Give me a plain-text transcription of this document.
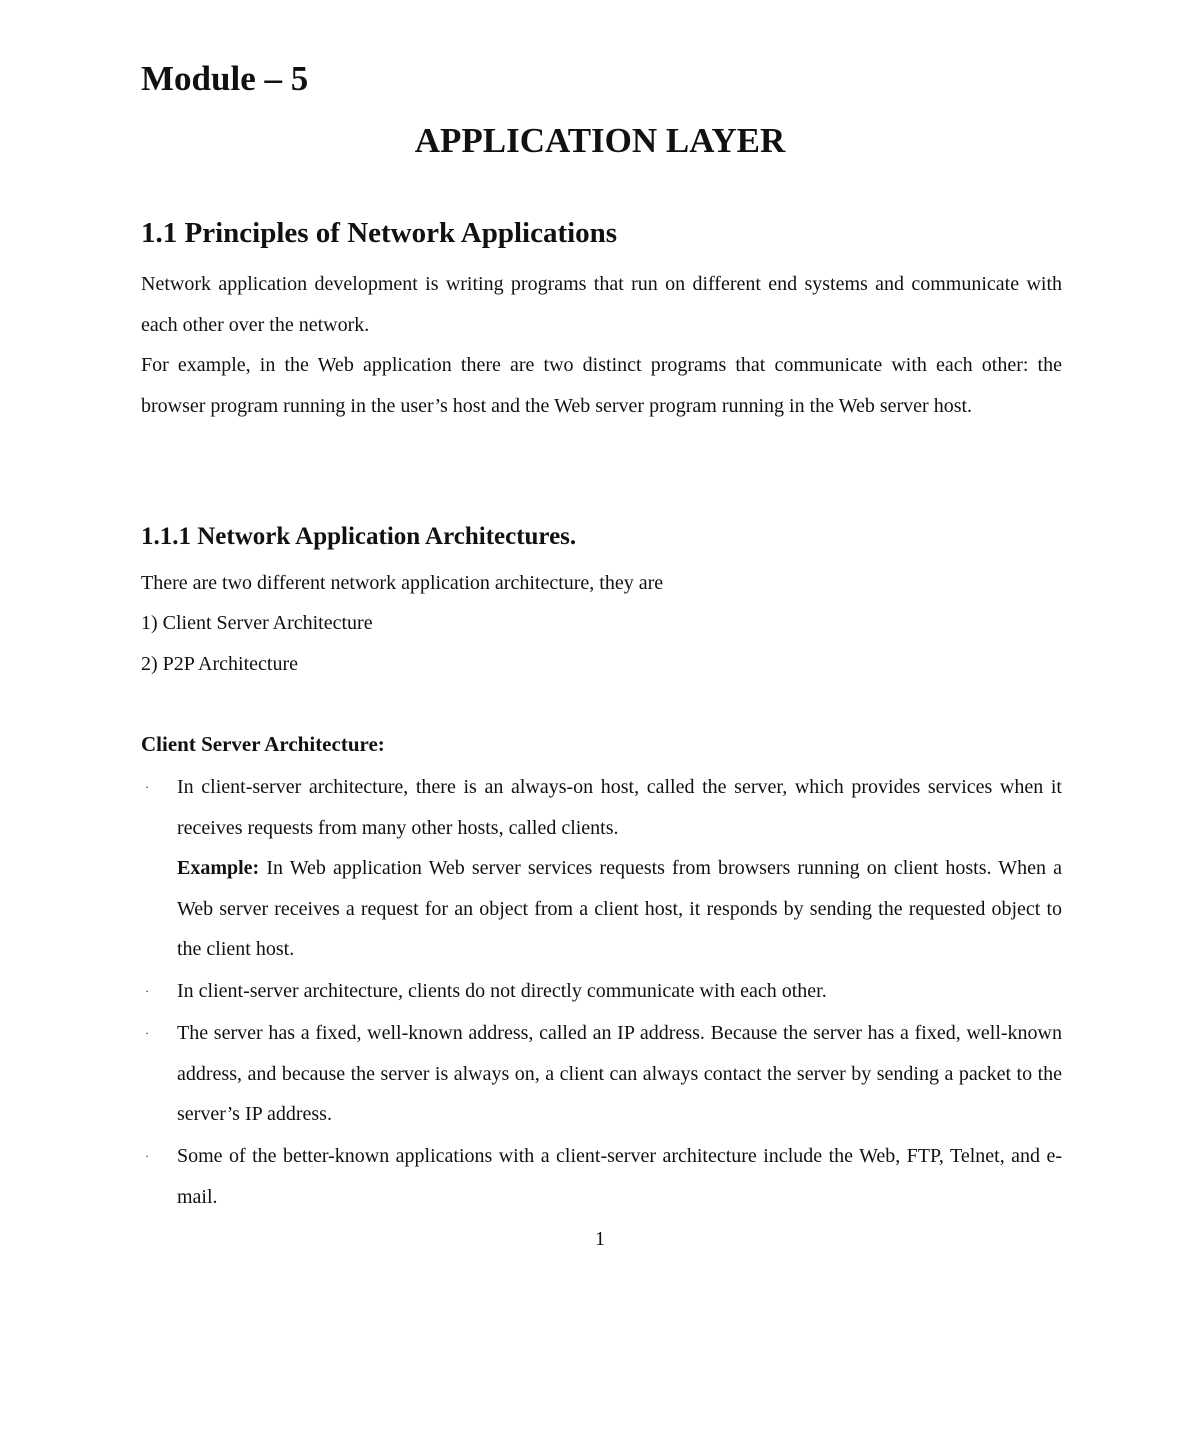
Module – 5
APPLICATION LAYER
1.1 Principles of Network Applications

Network application development is writing programs that run on different end systems and communicate with each other over the network.

For example, in the Web application there are two distinct programs that communicate with each other: the browser program running in the user’s host and the Web server program running in the Web server host.

1.1.1 Network Application Architectures.

There are two different network application architecture, they are

1) Client Server Architecture

2) P2P Architecture

Client Server Architecture:
· In client-server architecture, there is an always-on host, called the server, which provides services when it receives requests from many other hosts, called clients.

Example: In Web application Web server services requests from browsers running on client hosts. When a Web server receives a request for an object from a client host, it responds by sending the requested object to the client host.

· In client-server architecture, clients do not directly communicate with each other.

· The server has a fixed, well-known address, called an IP address. Because the server has a fixed, well-known address, and because the server is always on, a client can always contact the server by sending a packet to the server’s IP address.

· Some of the better-known applications with a client-server architecture include the Web, FTP, Telnet, and e-mail.

1
